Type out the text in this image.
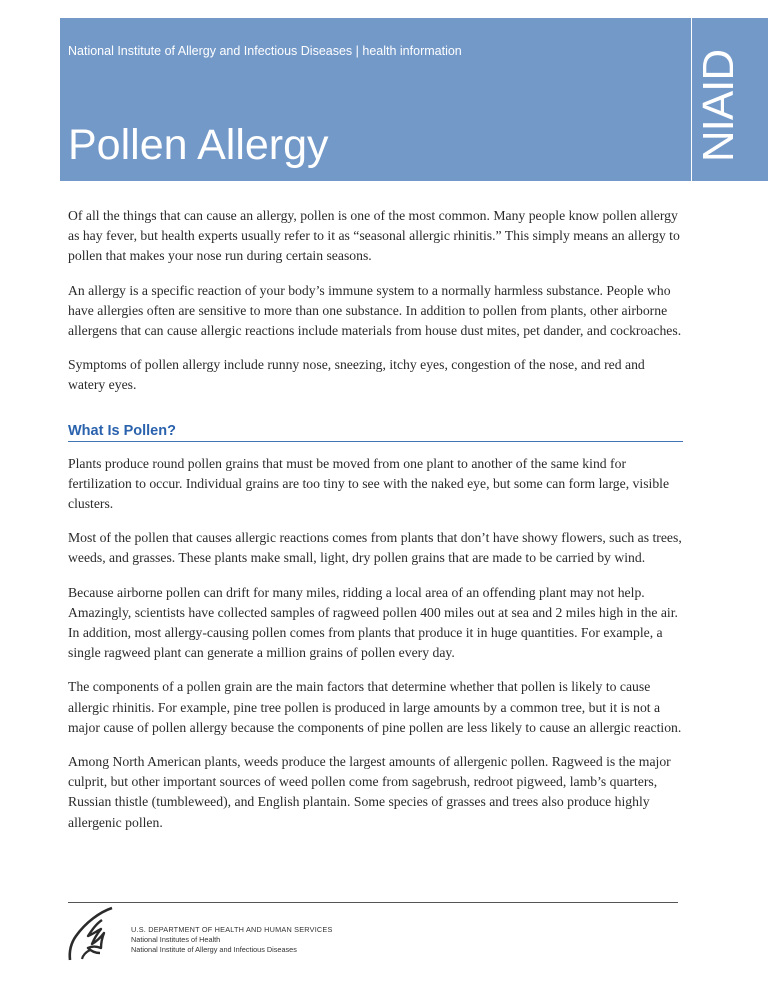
National Institute of Allergy and Infectious Diseases | health information
Pollen Allergy	NIAID

Of all the things that can cause an allergy, pollen is one of the most common. Many people know pollen allergy as hay fever, but health experts usually refer to it as “seasonal allergic rhinitis.” This simply means an allergy to pollen that makes your nose run during certain seasons.

An allergy is a specific reaction of your body’s immune system to a normally harmless substance. People who have allergies often are sensitive to more than one substance. In addition to pollen from plants, other airborne allergens that can cause allergic reactions include materials from house dust mites, pet dander, and cockroaches.

Symptoms of pollen allergy include runny nose, sneezing, itchy eyes, congestion of the nose, and red and watery eyes.

What Is Pollen?

Plants produce round pollen grains that must be moved from one plant to another of the same kind for fertilization to occur. Individual grains are too tiny to see with the naked eye, but some can form large, visible clusters.

Most of the pollen that causes allergic reactions comes from plants that don’t have showy flowers, such as trees, weeds, and grasses. These plants make small, light, dry pollen grains that are made to be carried by wind.

Because airborne pollen can drift for many miles, ridding a local area of an offending plant may not help. Amazingly, scientists have collected samples of ragweed pollen 400 miles out at sea and 2 miles high in the air. In addition, most allergy-causing pollen comes from plants that produce it in huge quantities. For example, a single ragweed plant can generate a million grains of pollen every day.

The components of a pollen grain are the main factors that determine whether that pollen is likely to cause allergic rhinitis. For example, pine tree pollen is produced in large amounts by a common tree, but it is not a major cause of pollen allergy because the components of pine pollen are less likely to cause an allergic reaction.

Among North American plants, weeds produce the largest amounts of allergenic pollen. Ragweed is the major culprit, but other important sources of weed pollen come from sagebrush, redroot pigweed, lamb’s quarters, Russian thistle (tumbleweed), and English plantain. Some species of grasses and trees also produce highly allergenic pollen.

U.S. DEPARTMENT OF HEALTH AND HUMAN SERVICES
National Institutes of Health
National Institute of Allergy and Infectious Diseases
